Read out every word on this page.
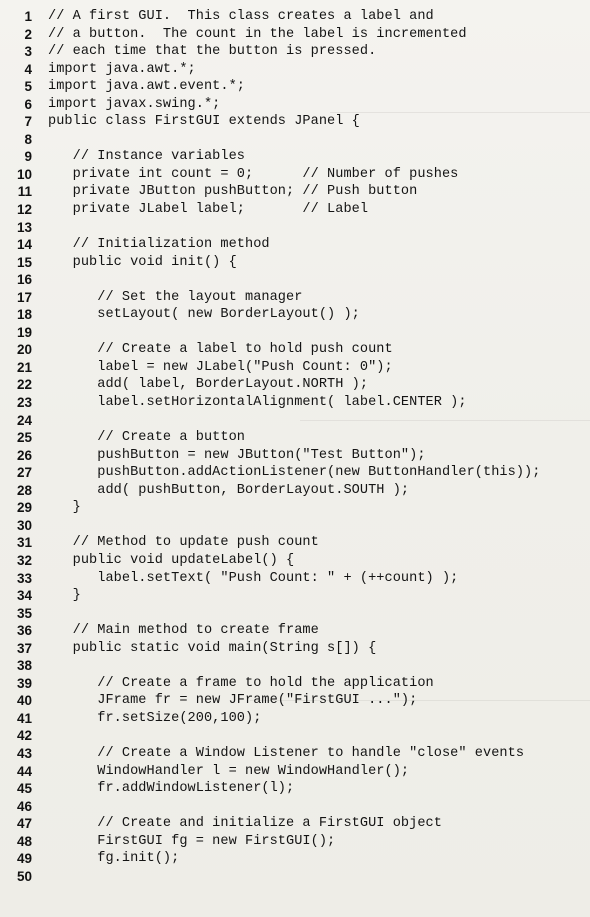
1 // A first GUI.  This class creates a label and
2 // a button.  The count in the label is incremented
3 // each time that the button is pressed.
4 import java.awt.*;
5 import java.awt.event.*;
6 import javax.swing.*;
7 public class FirstGUI extends JPanel {
8
9 // Instance variables
10 private int count = 0;      // Number of pushes
11 private JButton pushButton; // Push button
12 private JLabel label;       // Label
13
14 // Initialization method
15 public void init() {
16
17 // Set the layout manager
18 setLayout( new BorderLayout() );
19
20 // Create a label to hold push count
21 label = new JLabel("Push Count: 0");
22 add( label, BorderLayout.NORTH );
23 label.setHorizontalAlignment( label.CENTER );
24
25 // Create a button
26 pushButton = new JButton("Test Button");
27 pushButton.addActionListener(new ButtonHandler(this));
28 add( pushButton, BorderLayout.SOUTH );
29 }
30
31 // Method to update push count
32 public void updateLabel() {
33 label.setText( "Push Count: " + (++count) );
34 }
35
36 // Main method to create frame
37 public static void main(String s[]) {
38
39 // Create a frame to hold the application
40 JFrame fr = new JFrame("FirstGUI ...");
41 fr.setSize(200,100);
42
43 // Create a Window Listener to handle "close" events
44 WindowHandler l = new WindowHandler();
45 fr.addWindowListener(l);
46
47 // Create and initialize a FirstGUI object
48 FirstGUI fg = new FirstGUI();
49 fg.init();
50
